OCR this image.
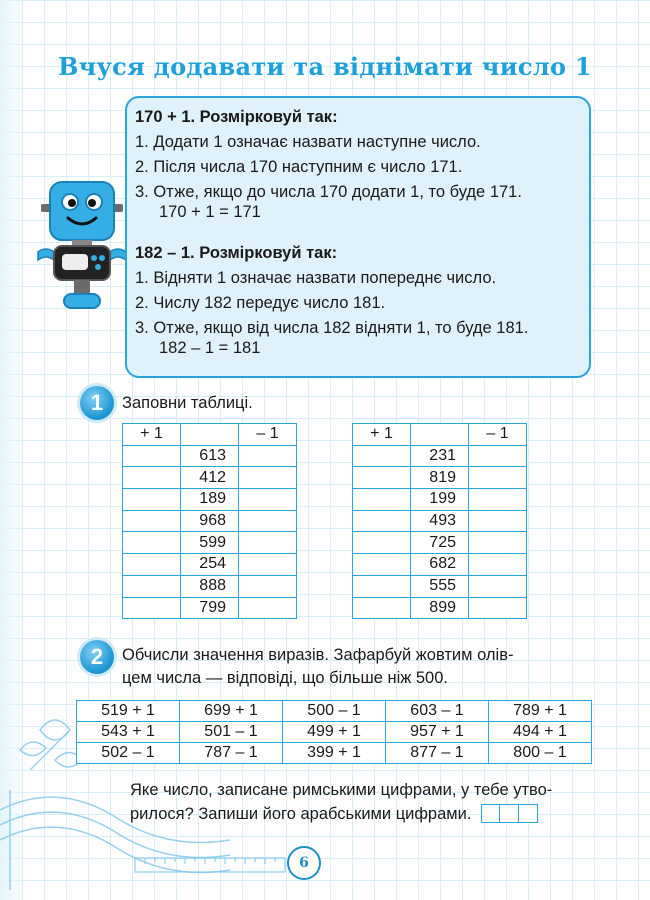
Вчуся додавати та віднімати число 1
170 + 1. Розмірковуй так:
1. Додати 1 означає назвати наступне число.
2. Після числа 170 наступним є число 171.
3. Отже, якщо до числа 170 додати 1, то буде 171.
170 + 1 = 171
182 – 1. Розмірковуй так:
1. Відняти 1 означає назвати попереднє число.
2. Числу 182 передує число 181.
3. Отже, якщо від числа 182 відняти 1, то буде 181.
182 – 1 = 181
1	Заповни таблиці.
+ 1		– 1
	613	
	412	
	189	
	968	
	599	
	254	
	888	
	799	
+ 1		– 1
	231	
	819	
	199	
	493	
	725	
	682	
	555	
	899	
2	Обчисли значення виразів. Зафарбуй жовтим олів-
цем числа — відповіді, що більше ніж 500.
519 + 1	699 + 1	500 – 1	603 – 1	789 + 1
543 + 1	501 – 1	499 + 1	957 + 1	494 + 1
502 – 1	787 – 1	399 + 1	877 – 1	800 – 1
Яке число, записане римськими цифрами, у тебе утво-
рилося? Запиши його арабськими цифрами.
6
